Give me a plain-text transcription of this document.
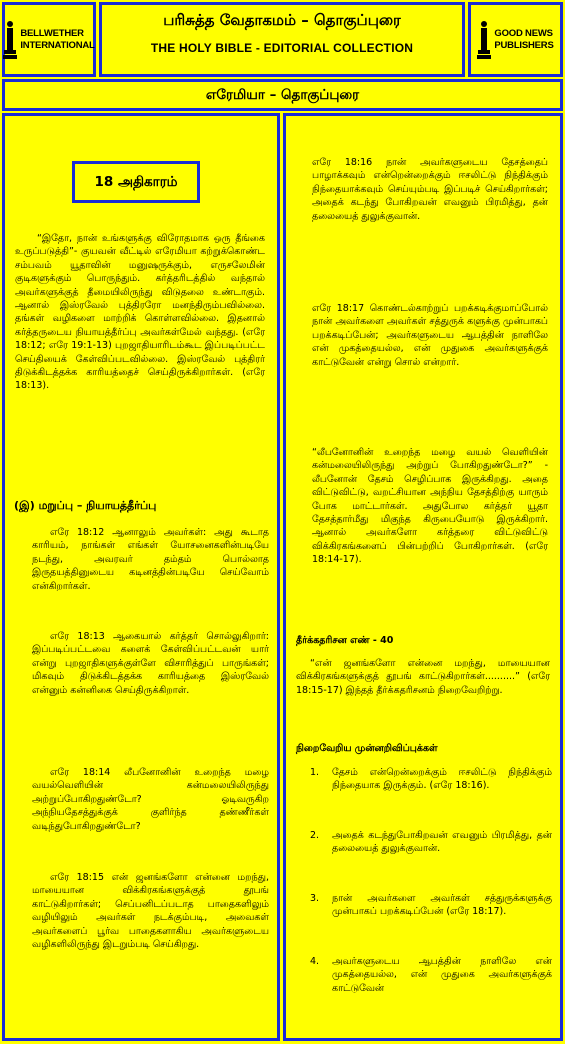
BELLWETHER
INTERNATIONAL
பரிசுத்த வேதாகமம் – தொகுப்புரை
THE HOLY BIBLE - EDITORIAL COLLECTION
GOOD NEWS
PUBLISHERS
எரேமியா – தொகுப்புரை
18 அதிகாரம்
“இதோ, நான் உங்களுக்கு விரோதமாக ஒரு தீங்கை உருப்படுத்தி”- குயவன் வீட்டில் எரேமியா கற்றுக்கொண்ட சம்பவம் யூதாவின் மனுஷருக்கும், எருசலேமின் குடிகளுக்கும் பொருந்தும். கர்த்தரிடத்தில் வந்தால் அவர்களுக்குத் தீமையிலிருந்து விடுதலை உண்டாகும். ஆனால் இஸ்ரவேல் புத்திரரோ மனந்திரும்பவில்லை. தங்கள் வழிகளை மாற்றிக் கொள்ளவில்லை. இதனால் கர்த்தருடைய நியாயத்தீர்ப்பு அவர்கள்மேல் வந்தது. (எரே 18:12; எரே 19:1-13) புறஜாதியாரிடம்கூட இப்படிப்பட்ட செய்தியைக் கேள்விப்படவில்லை. இஸ்ரவேல் புத்திரர் திடுக்கிடத்தக்க காரியத்தைச் செய்திருக்கிறார்கள். (எரே 18:13).
(இ) மறுப்பு – நியாயத்தீர்ப்பு
எரே 18:12 ஆனாலும் அவர்கள்: அது கூடாத காரியம், நாங்கள் எங்கள் யோசனைகளின்படியே நடந்து, அவரவர் தம்தம் பொல்லாத இருதயத்தினுடைய கடினத்தின்படியே செய்வோம் என்கிறார்கள்.
எரே 18:13 ஆகையால் கர்த்தர் சொல்லுகிறார்: இப்படிப்பட்டவை களைக் கேள்விப்பட்டவன் யார் என்று புறஜாதிகளுக்குள்ளே விசாரித்துப் பாருங்கள்; மிகவும் திடுக்கிடத்தக்க காரியத்தை இஸ்ரவேல் என்னும் கன்னிகை செய்திருக்கிறாள்.
எரே 18:14 லீபனோனின் உறைந்த மழை வயல்வெளியின் கன்மலையிலிருந்து அற்றுப்போகிறதுண்டோ? ஓடிவருகிற அந்நியதேசத்துக்குக் குளிர்ந்த தண்ணீர்கள் வடிந்துபோகிறதுண்டோ?
எரே 18:15 என் ஜனங்களோ என்னை மறந்து, மாயையான விக்கிரகங்களுக்குத் தூபங் காட்டுகிறார்கள்; செப்பனிடப்படாத பாதைகளிலும் வழியிலும் அவர்கள் நடக்கும்படி, அவைகள் அவர்களைப் பூர்வ பாதைகளாகிய அவர்களுடைய வழிகளிலிருந்து இடறும்படி செய்கிறது.
எரே 18:16 நான் அவர்களுடைய தேசத்தைப் பாழாக்கவும் என்றென்றைக்கும் ஈசலிட்டு நிந்திக்கும் நிந்தையாக்கவும் செய்யும்படி இப்படிச் செய்கிறார்கள்; அதைக் கடந்து போகிறவன் எவனும் பிரமித்து, தன் தலையைத் துலுக்குவான்.
எரே 18:17 கொண்டல்காற்றுப் பறக்கடிக்குமாப்போல் நான் அவர்களை அவர்கள் சத்துருக் களுக்கு முன்பாகப் பறக்கடிப்பேன்; அவர்களுடைய ஆபத்தின் நாளிலே என் முகத்தையல்ல, என் முதுகை அவர்களுக்குக் காட்டுவேன் என்று சொல் என்றார்.
“லீபனோனின் உறைந்த மழை வயல் வெளியின் கன்மலையிலிருந்து அற்றுப் போகிறதுண்டோ?” - லீபனோன் தேசம் செழிப்பாக இருக்கிறது. அதை விட்டுவிட்டு, வறட்சியான அந்நிய தேசத்திற்கு யாரும் போக மாட்டார்கள். அதுபோல கர்த்தர் யூதா தேசத்தார்மீது மிகுந்த கிருபையோடு இருக்கிறார். ஆனால் அவர்களோ கர்த்தரை விட்டுவிட்டு விக்கிரகங்களைப் பின்பற்றிப் போகிறார்கள். (எரே 18:14-17).
தீர்க்கதரிசன எண் - 40
“என் ஜனங்களோ என்னை மறந்து, மாயையான விக்கிரகங்களுக்குத் தூபங் காட்டுகிறார்கள்..........” (எரே 18:15-17) இந்தத் தீர்க்கதரிசனம் நிறைவேறிற்று.
நிறைவேறிய முன்னறிவிப்புக்கள்
1. தேசம் என்றென்றைக்கும் ஈசலிட்டு நிந்திக்கும் நிந்தையாக இருக்கும். (எரே 18:16).
2. அதைக் கடந்துபோகிறவன் எவனும் பிரமித்து, தன் தலையைத் துலுக்குவான்.
3. நான் அவர்களை அவர்கள் சத்துருக்களுக்கு முன்பாகப் பறக்கடிப்பேன் (எரே 18:17).
4. அவர்களுடைய ஆபத்தின் நாளிலே என் முகத்தையல்ல, என் முதுகை அவர்களுக்குக் காட்டுவேன்
